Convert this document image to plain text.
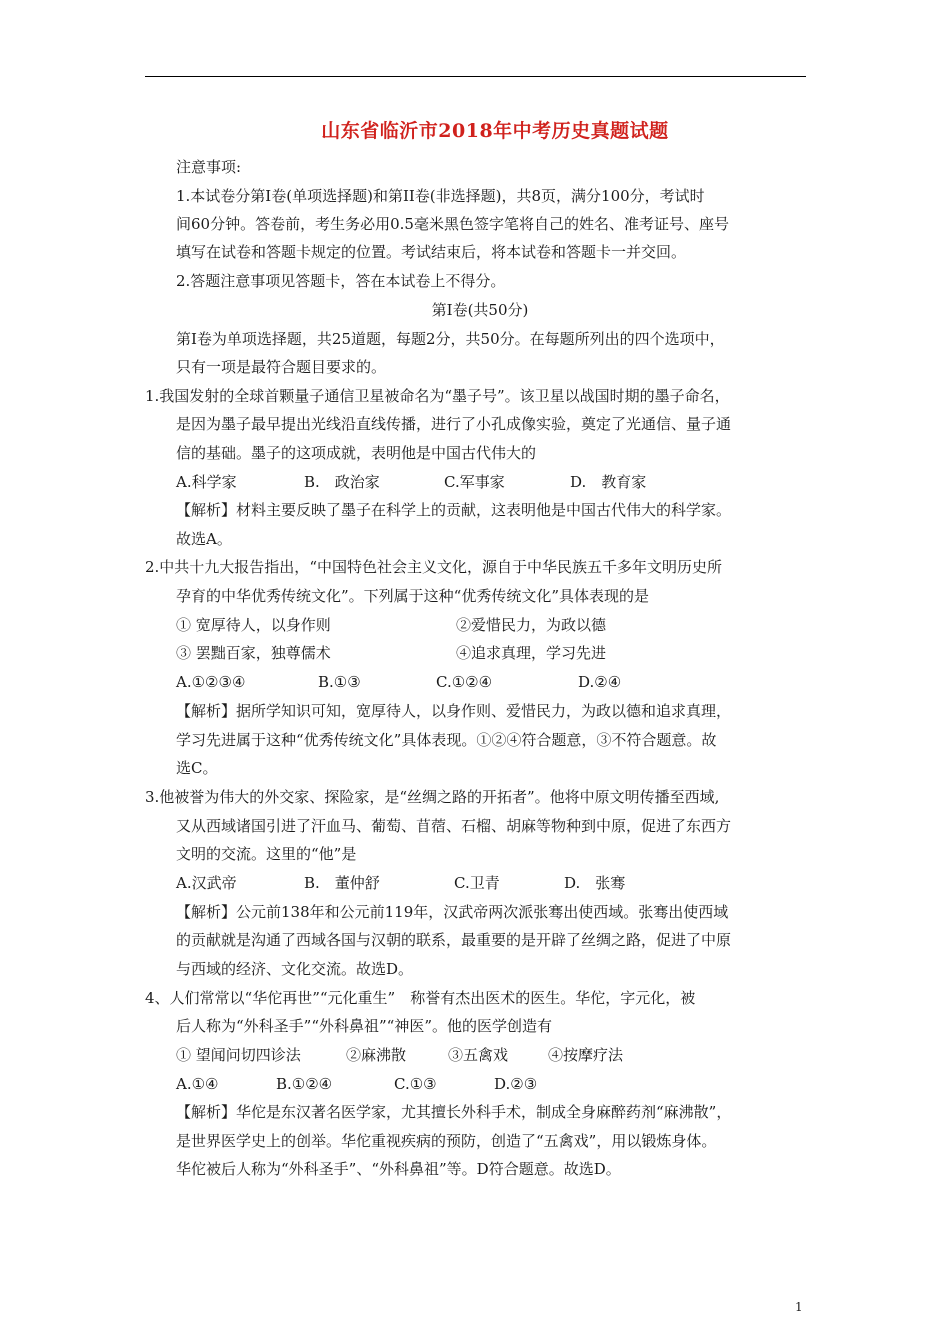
山东省临沂市2018年中考历史真题试题
注意事项:
1.本试卷分第Ⅰ卷(单项选择题)和第II卷(非选择题)，共8页，满分100分，考试时
间60分钟。答卷前，考生务必用0.5毫米黑色签字笔将自己的姓名、准考证号、座号
填写在试卷和答题卡规定的位置。考试结束后，将本试卷和答题卡一并交回。
2.答题注意事项见答题卡，答在本试卷上不得分。
第Ⅰ卷(共50分)
第Ⅰ卷为单项选择题，共25道题，每题2分，共50分。在每题所列出的四个选项中，
只有一项是最符合题目要求的。
1.我国发射的全球首颗量子通信卫星被命名为“墨子号”。该卫星以战国时期的墨子命名，
是因为墨子最早提出光线沿直线传播，进行了小孔成像实验，奠定了光通信、量子通
信的基础。墨子的这项成就，表明他是中国古代伟大的
A.科学家	B.　政治家	C.军事家	D.　教育家
【解析】材料主要反映了墨子在科学上的贡献，这表明他是中国古代伟大的科学家。
故选A。
2.中共十九大报告指出，“中国特色社会主义文化，源自于中华民族五千多年文明历史所
孕育的中华优秀传统文化”。下列属于这种“优秀传统文化”具体表现的是
① 宽厚待人，以身作则	②爱惜民力，为政以德
③ 罢黜百家，独尊儒术	④追求真理，学习先进
A.①②③④	B.①③	C.①②④	D.②④
【解析】据所学知识可知，宽厚待人，以身作则、爱惜民力，为政以德和追求真理，
学习先进属于这种“优秀传统文化”具体表现。①②④符合题意，③不符合题意。故
选C。
3.他被誉为伟大的外交家、探险家，是“丝绸之路的开拓者”。他将中原文明传播至西域,
又从西域诸国引进了汗血马、葡萄、苜蓿、石榴、胡麻等物种到中原，促进了东西方
文明的交流。这里的“他”是
A.汉武帝	B.　董仲舒	C.卫青	D.　张骞
【解析】公元前138年和公元前119年，汉武帝两次派张骞出使西域。张骞出使西域
的贡献就是沟通了西域各国与汉朝的联系，最重要的是开辟了丝绸之路，促进了中原
与西域的经济、文化交流。故选D。
4、人们常常以“华佗再世”“元化重生”　称誉有杰出医术的医生。华佗，字元化，被
后人称为“外科圣手”“外科鼻祖”“神医”。他的医学创造有
① 望闻问切四诊法	②麻沸散	③五禽戏	④按摩疗法
A.①④	B.①②④	C.①③	D.②③
【解析】华佗是东汉著名医学家，尤其擅长外科手术，制成全身麻醉药剂“麻沸散”，
是世界医学史上的创举。华佗重视疾病的预防，创造了“五禽戏”，用以锻炼身体。
华佗被后人称为“外科圣手”、“外科鼻祖”等。D符合题意。故选D。
1
